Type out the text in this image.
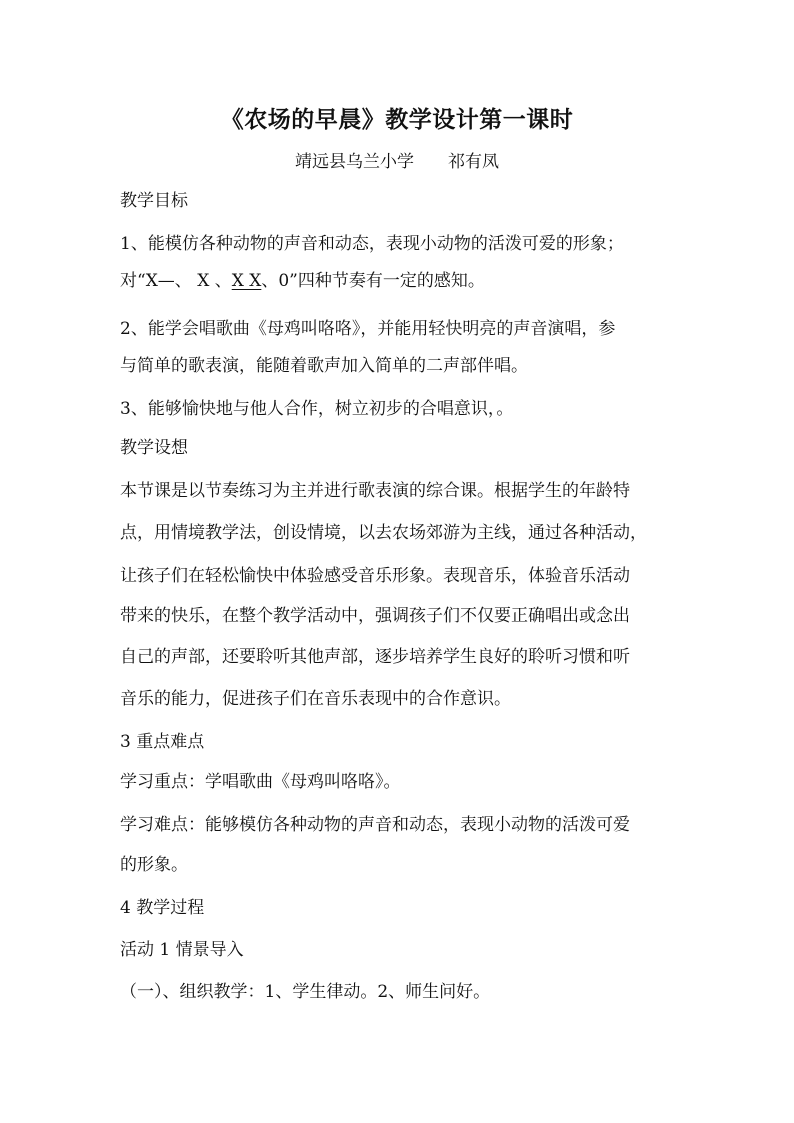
《农场的早晨》教学设计第一课时
靖远县乌兰小学 祁有凤
教学目标
1、能模仿各种动物的声音和动态，表现小动物的活泼可爱的形象；
对“X—、 X 、X X、0”四种节奏有一定的感知。
2、能学会唱歌曲《母鸡叫咯咯》，并能用轻快明亮的声音演唱，参
与简单的歌表演，能随着歌声加入简单的二声部伴唱。
3、能够愉快地与他人合作，树立初步的合唱意识，。
教学设想
本节课是以节奏练习为主并进行歌表演的综合课。根据学生的年龄特
点，用情境教学法，创设情境，以去农场郊游为主线，通过各种活动，
让孩子们在轻松愉快中体验感受音乐形象。表现音乐，体验音乐活动
带来的快乐，在整个教学活动中，强调孩子们不仅要正确唱出或念出
自己的声部，还要聆听其他声部，逐步培养学生良好的聆听习惯和听
音乐的能力，促进孩子们在音乐表现中的合作意识。
3 重点难点
学习重点：学唱歌曲《母鸡叫咯咯》。
学习难点：能够模仿各种动物的声音和动态，表现小动物的活泼可爱
的形象。
4 教学过程
活动 1 情景导入
（一）、组织教学：1、学生律动。2、师生问好。
